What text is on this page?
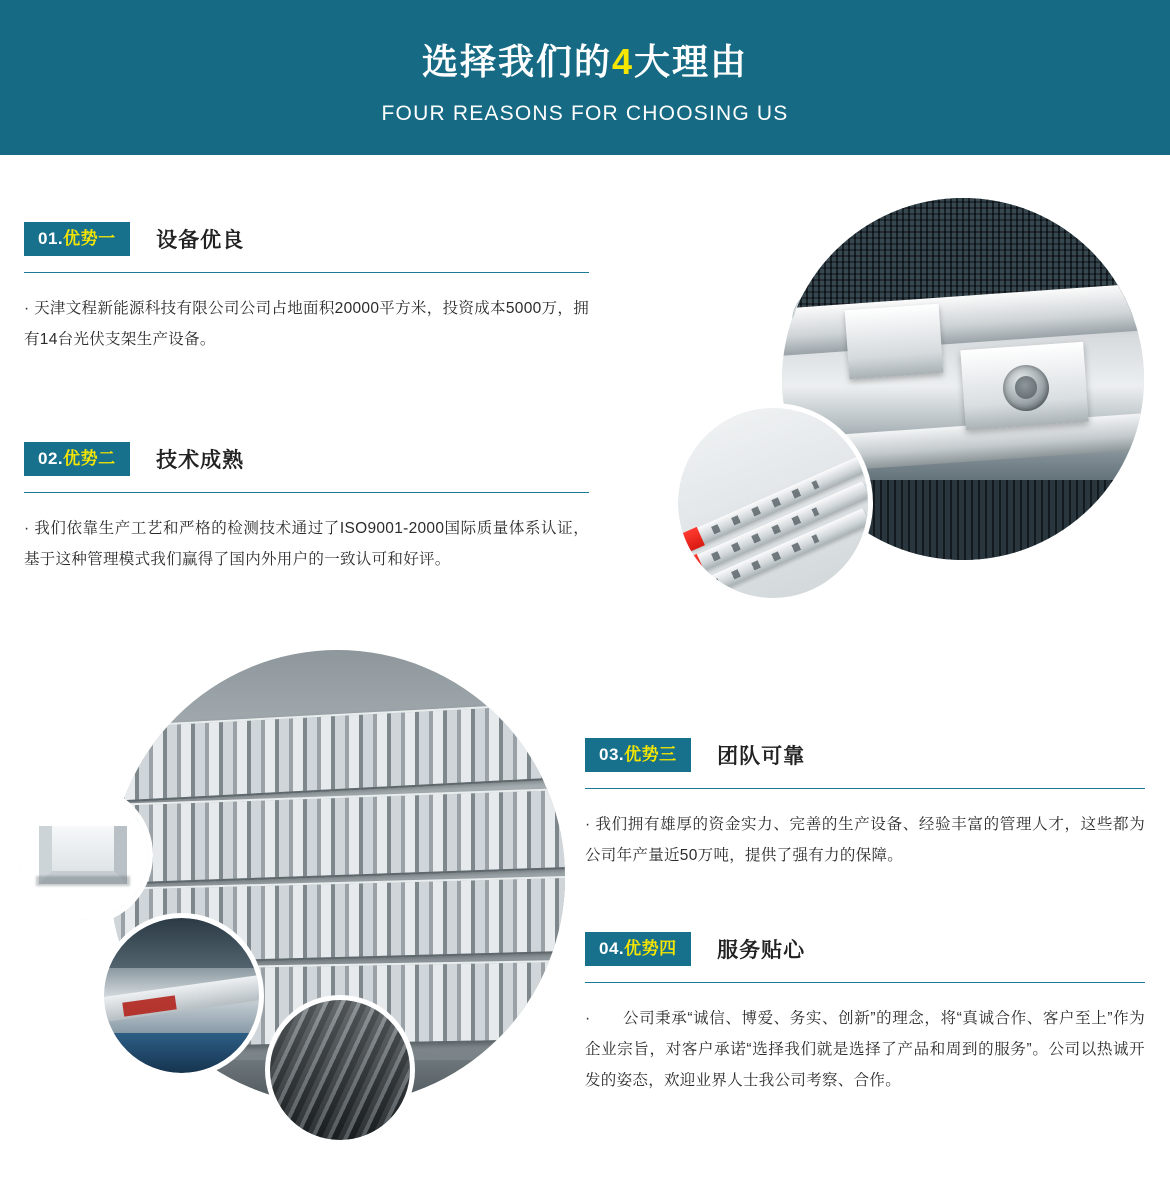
选择我们的4大理由
FOUR REASONS FOR CHOOSING US
01.优势一 设备优良
· 天津文程新能源科技有限公司公司占地面积20000平方米，投资成本5000万，拥有14台光伏支架生产设备。
02.优势二 技术成熟
· 我们依靠生产工艺和严格的检测技术通过了ISO9001-2000国际质量体系认证，基于这种管理模式我们赢得了国内外用户的一致认可和好评。
03.优势三 团队可靠
· 我们拥有雄厚的资金实力、完善的生产设备、经验丰富的管理人才，这些都为公司年产量近50万吨，提供了强有力的保障。
04.优势四 服务贴心
·　　公司秉承“诚信、博爱、务实、创新”的理念，将“真诚合作、客户至上”作为企业宗旨，对客户承诺“选择我们就是选择了产品和周到的服务”。公司以热诚开发的姿态，欢迎业界人士我公司考察、合作。
